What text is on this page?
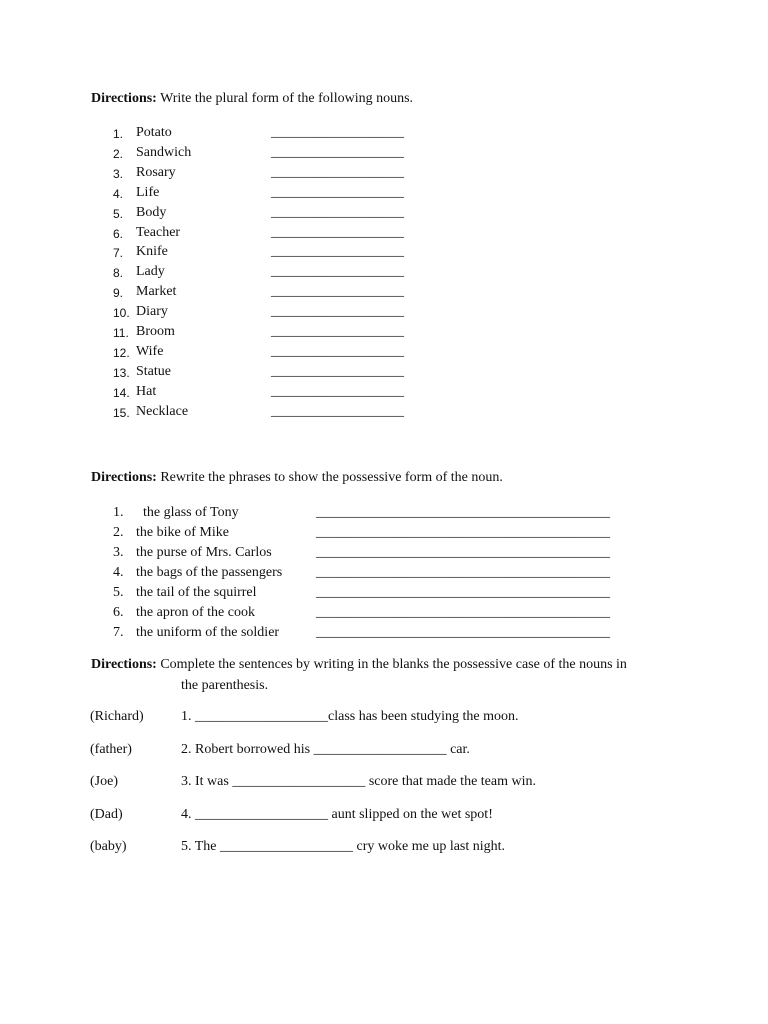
Directions: Write the plural form of the following nouns.
1. Potato	___________________
2. Sandwich	___________________
3. Rosary	___________________
4. Life	___________________
5. Body	___________________
6. Teacher	___________________
7. Knife	___________________
8. Lady	___________________
9. Market	___________________
10. Diary	___________________
11. Broom	___________________
12. Wife	___________________
13. Statue	___________________
14. Hat	___________________
15. Necklace	___________________
Directions: Rewrite the phrases to show the possessive form of the noun.
1. the glass of Tony	__________________________________________
2. the bike of Mike	__________________________________________
3. the purse of Mrs. Carlos	__________________________________________
4. the bags of the passengers __________________________________________
5. the tail of the squirrel	__________________________________________
6. the apron of the cook	__________________________________________
7. the uniform of the soldier	__________________________________________
Directions: Complete the sentences by writing in the blanks the possessive case of the nouns in
the parenthesis.
(Richard)	1. ___________________class has been studying the moon.
(father)	2. Robert borrowed his ___________________ car.
(Joe)	3. It was ___________________ score that made the team win.
(Dad)	4. ___________________ aunt slipped on the wet spot!
(baby)	5. The ___________________ cry woke me up last night.
